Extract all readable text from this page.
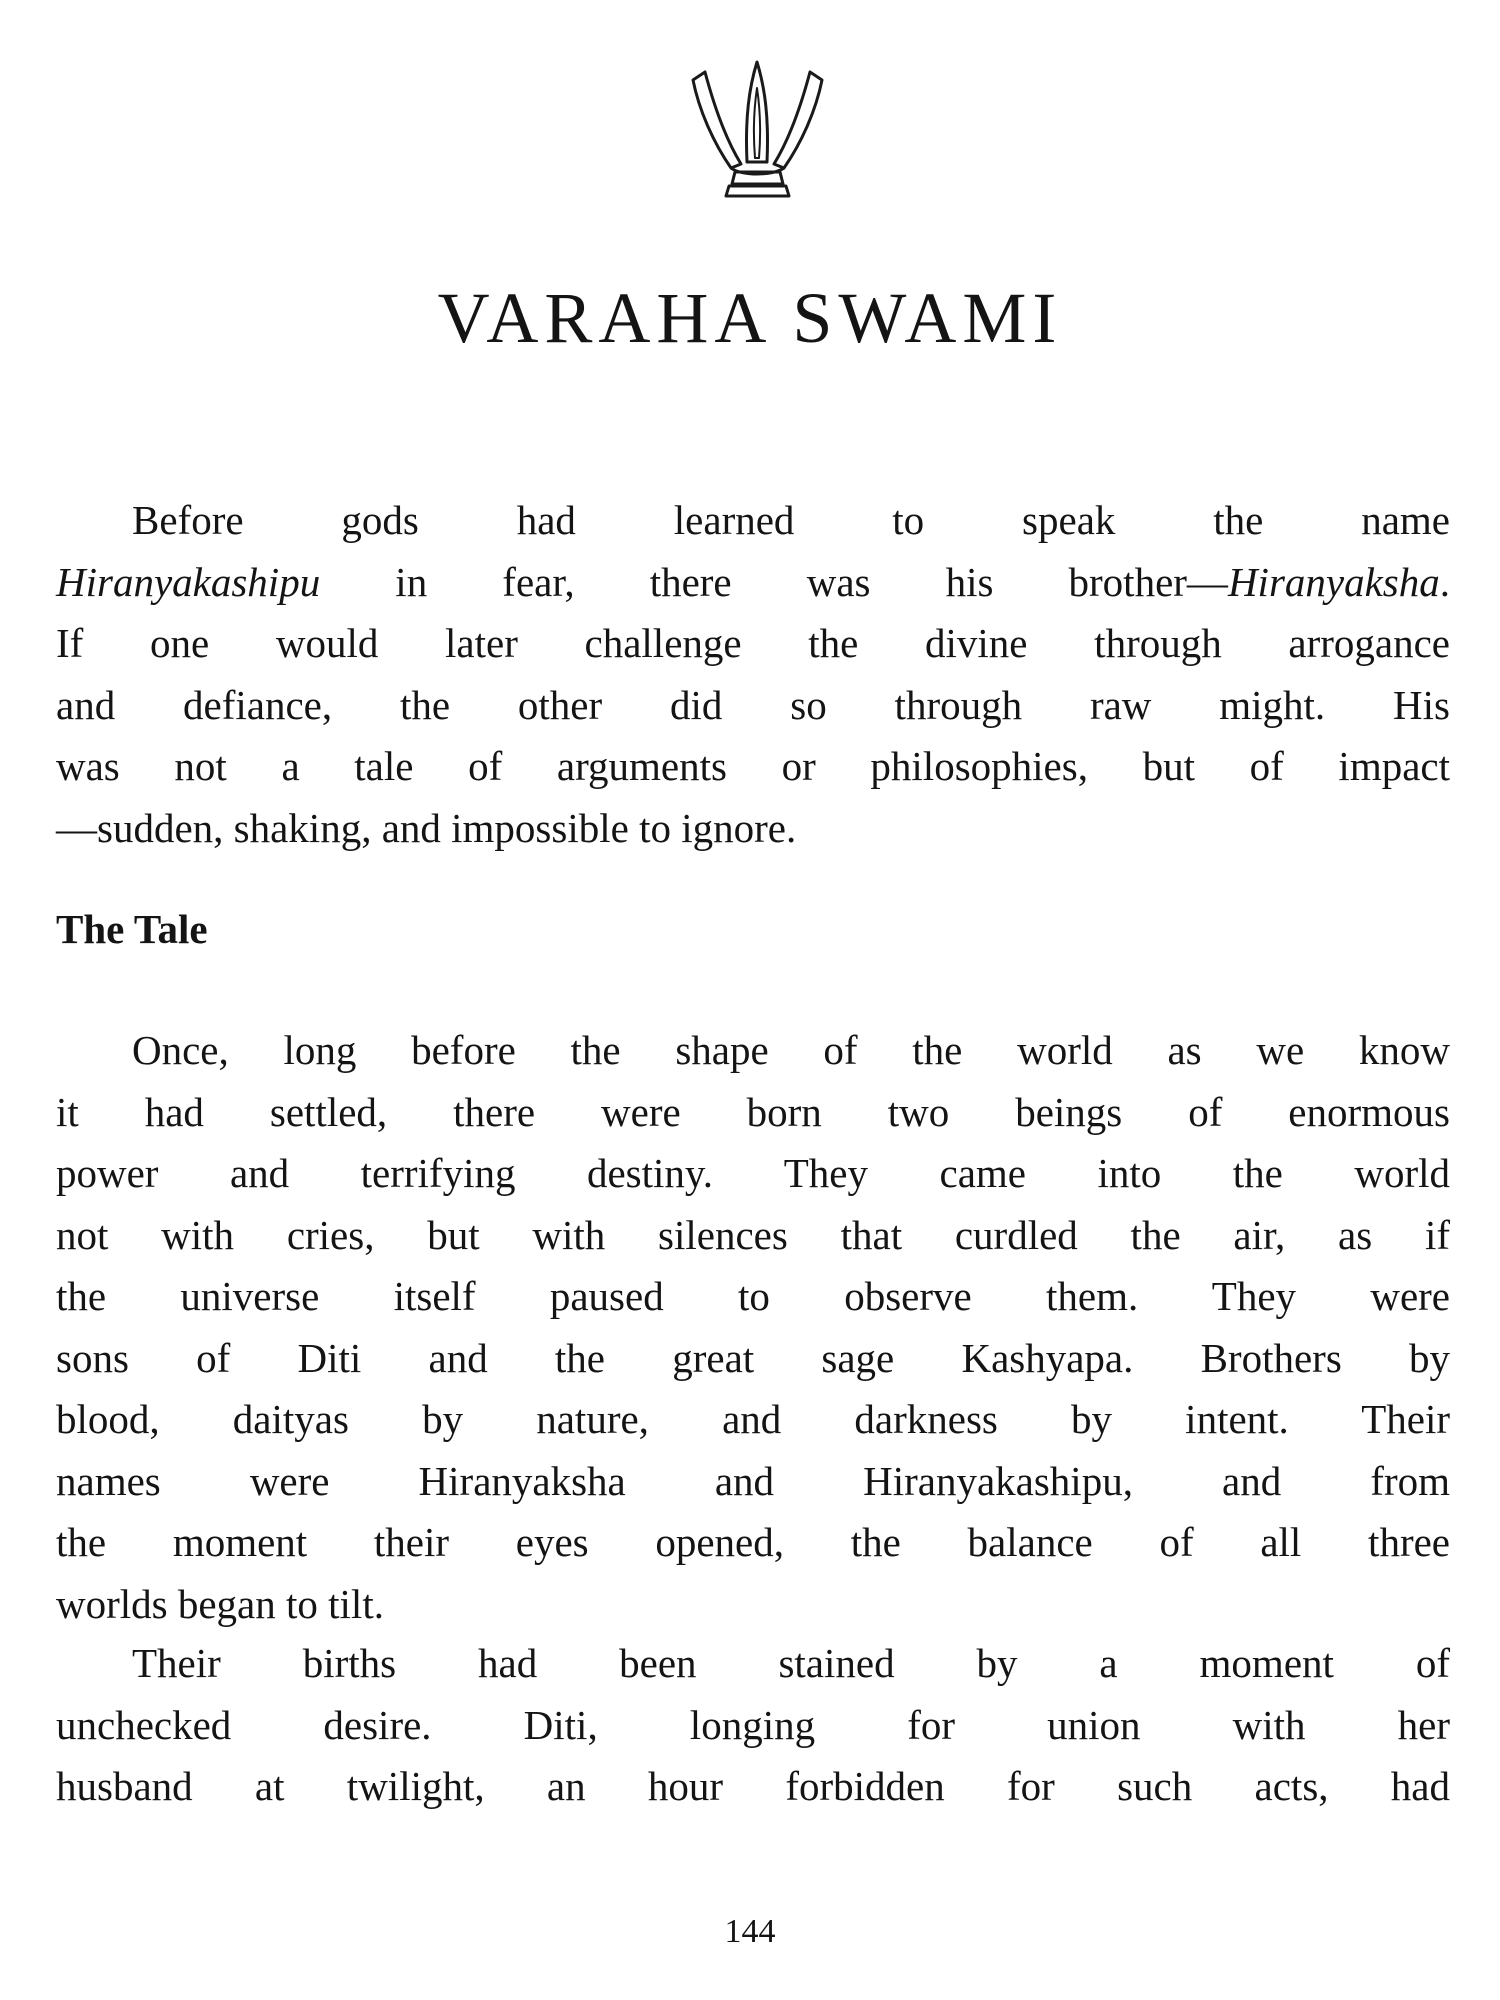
VARAHA SWAMI
Before gods had learned to speak the name
Hiranyakashipu in fear, there was his brother—Hiranyaksha.
If one would later challenge the divine through arrogance
and defiance, the other did so through raw might. His
was not a tale of arguments or philosophies, but of impact
—sudden, shaking, and impossible to ignore.
The Tale
Once, long before the shape of the world as we know
it had settled, there were born two beings of enormous
power and terrifying destiny. They came into the world
not with cries, but with silences that curdled the air, as if
the universe itself paused to observe them. They were
sons of Diti and the great sage Kashyapa. Brothers by
blood, daityas by nature, and darkness by intent. Their
names were Hiranyaksha and Hiranyakashipu, and from
the moment their eyes opened, the balance of all three
worlds began to tilt.
Their births had been stained by a moment of
unchecked desire. Diti, longing for union with her
husband at twilight, an hour forbidden for such acts, had
144
